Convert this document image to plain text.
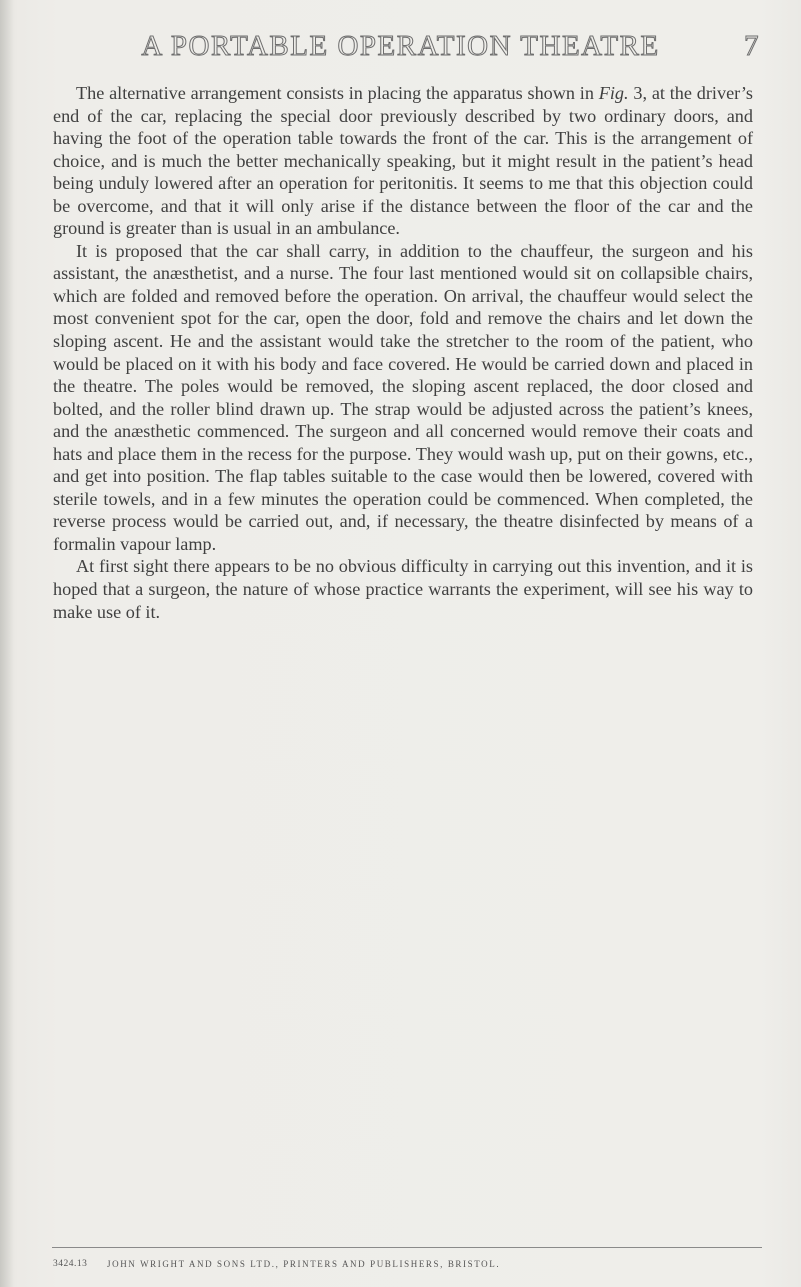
A PORTABLE OPERATION THEATRE	7

The alternative arrangement consists in placing the apparatus shown in Fig. 3, at the driver’s end of the car, replacing the special door previously described by two ordinary doors, and having the foot of the operation table towards the front of the car. This is the arrangement of choice, and is much the better mechanically speaking, but it might result in the patient’s head being unduly lowered after an operation for peritonitis. It seems to me that this objection could be overcome, and that it will only arise if the distance between the floor of the car and the ground is greater than is usual in an ambulance.

It is proposed that the car shall carry, in addition to the chauffeur, the surgeon and his assistant, the anæsthetist, and a nurse. The four last mentioned would sit on collapsible chairs, which are folded and removed before the operation. On arrival, the chauffeur would select the most convenient spot for the car, open the door, fold and remove the chairs and let down the sloping ascent. He and the assistant would take the stretcher to the room of the patient, who would be placed on it with his body and face covered. He would be carried down and placed in the theatre. The poles would be removed, the sloping ascent replaced, the door closed and bolted, and the roller blind drawn up. The strap would be adjusted across the patient’s knees, and the anæsthetic commenced. The surgeon and all concerned would remove their coats and hats and place them in the recess for the purpose. They would wash up, put on their gowns, etc., and get into position. The flap tables suitable to the case would then be lowered, covered with sterile towels, and in a few minutes the operation could be commenced. When completed, the reverse process would be carried out, and, if necessary, the theatre disinfected by means of a formalin vapour lamp.

At first sight there appears to be no obvious difficulty in carrying out this invention, and it is hoped that a surgeon, the nature of whose practice warrants the experiment, will see his way to make use of it.

3424.13 JOHN WRIGHT AND SONS LTD., PRINTERS AND PUBLISHERS, BRISTOL.
